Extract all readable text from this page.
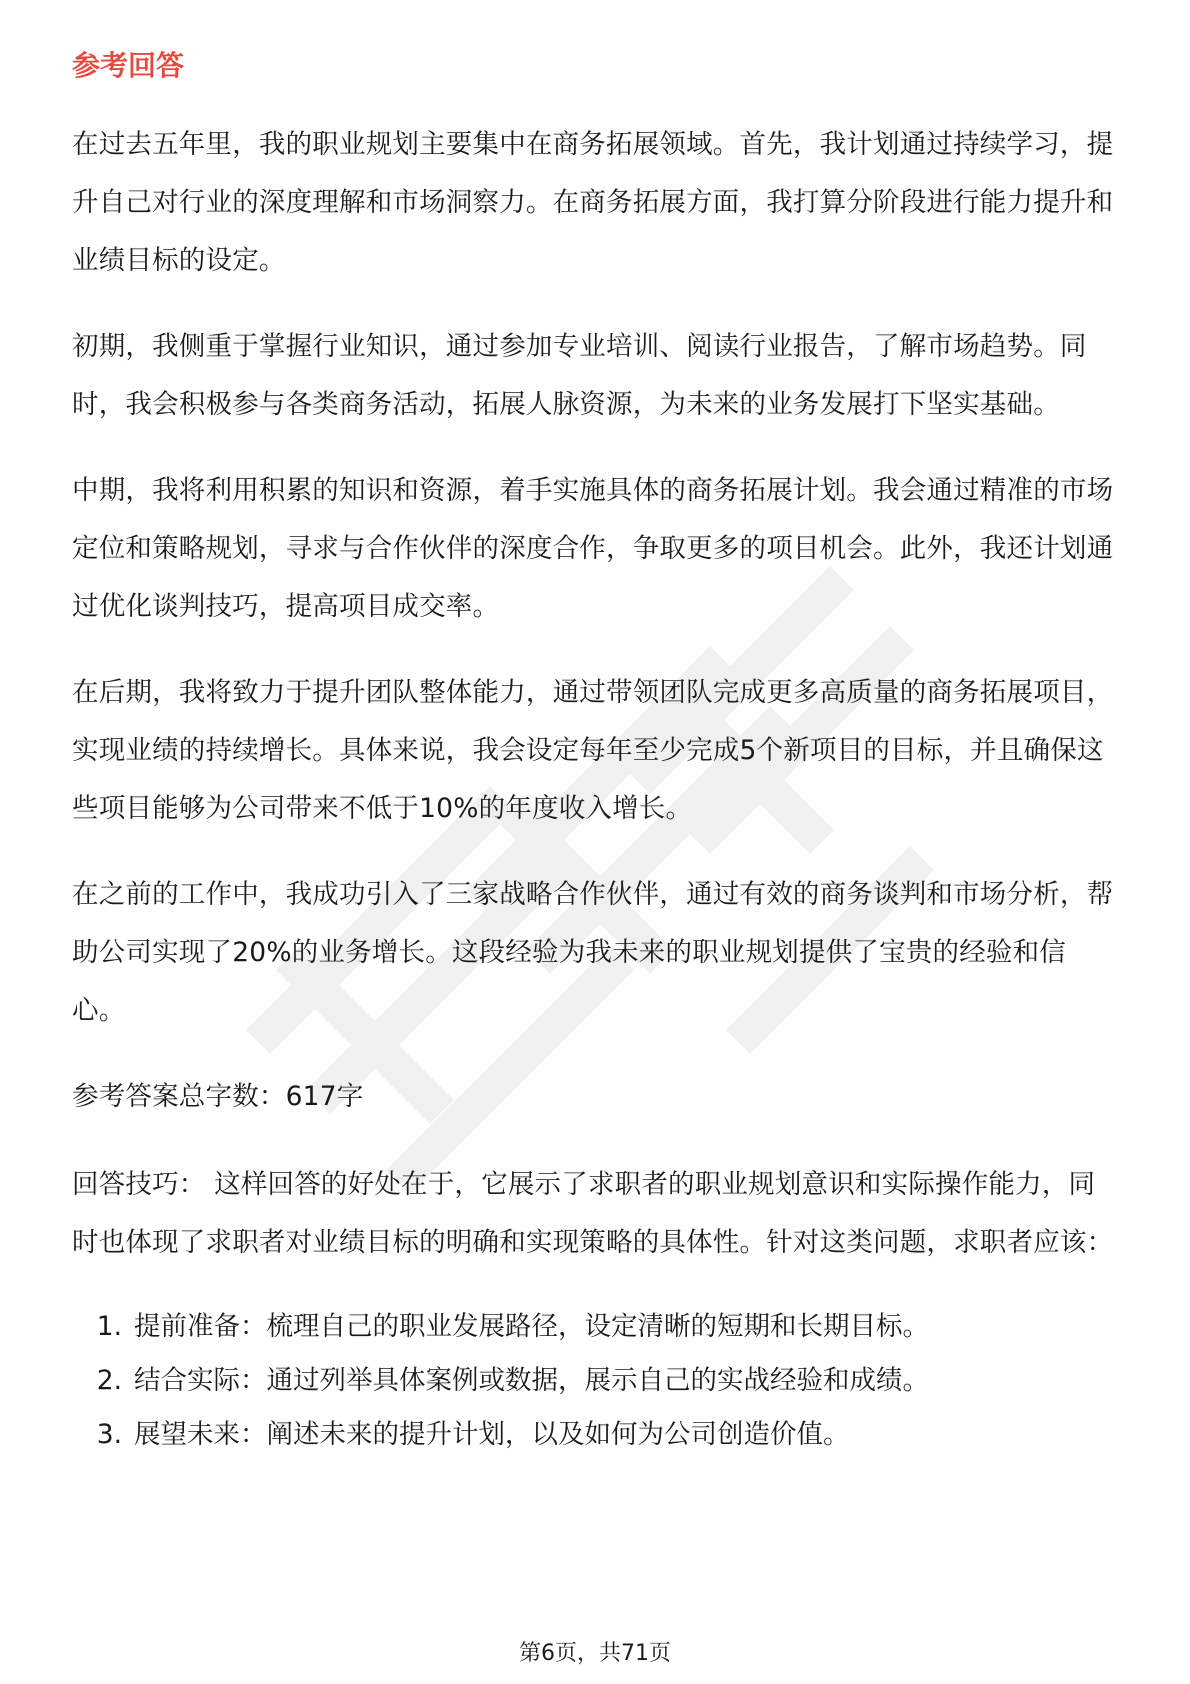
参考回答

在过去五年里，我的职业规划主要集中在商务拓展领域。首先，我计划通过持续学习，提升自己对行业的深度理解和市场洞察力。在商务拓展方面，我打算分阶段进行能力提升和业绩目标的设定。

初期，我侧重于掌握行业知识，通过参加专业培训、阅读行业报告，了解市场趋势。同时，我会积极参与各类商务活动，拓展人脉资源，为未来的业务发展打下坚实基础。

中期，我将利用积累的知识和资源，着手实施具体的商务拓展计划。我会通过精准的市场定位和策略规划，寻求与合作伙伴的深度合作，争取更多的项目机会。此外，我还计划通过优化谈判技巧，提高项目成交率。

在后期，我将致力于提升团队整体能力，通过带领团队完成更多高质量的商务拓展项目，实现业绩的持续增长。具体来说，我会设定每年至少完成5个新项目的目标，并且确保这些项目能够为公司带来不低于10%的年度收入增长。

在之前的工作中，我成功引入了三家战略合作伙伴，通过有效的商务谈判和市场分析，帮助公司实现了20%的业务增长。这段经验为我未来的职业规划提供了宝贵的经验和信心。

参考答案总字数：617字

回答技巧： 这样回答的好处在于，它展示了求职者的职业规划意识和实际操作能力，同时也体现了求职者对业绩目标的明确和实现策略的具体性。针对这类问题，求职者应该：

1. 提前准备：梳理自己的职业发展路径，设定清晰的短期和长期目标。
2. 结合实际：通过列举具体案例或数据，展示自己的实战经验和成绩。
3. 展望未来：阐述未来的提升计划，以及如何为公司创造价值。
第6页，共71页
